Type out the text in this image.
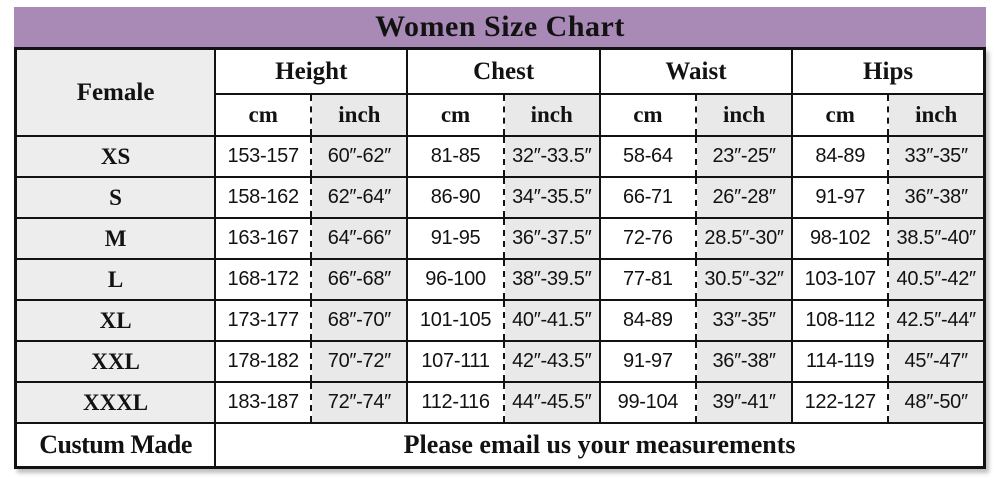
Women Size Chart
Female	Height		Chest		Waist		Hips	
	cm	inch	cm	inch	cm	inch	cm	inch
XS	153-157	60″-62″	81-85	32″-33.5″	58-64	23″-25″	84-89	33″-35″
S	158-162	62″-64″	86-90	34″-35.5″	66-71	26″-28″	91-97	36″-38″
M	163-167	64″-66″	91-95	36″-37.5″	72-76	28.5″-30″	98-102	38.5″-40″
L	168-172	66″-68″	96-100	38″-39.5″	77-81	30.5″-32″	103-107	40.5″-42″
XL	173-177	68″-70″	101-105	40″-41.5″	84-89	33″-35″	108-112	42.5″-44″
XXL	178-182	70″-72″	107-111	42″-43.5″	91-97	36″-38″	114-119	45″-47″
XXXL	183-187	72″-74″	112-116	44″-45.5″	99-104	39″-41″	122-127	48″-50″
Custum Made	Please email us your measurements							
